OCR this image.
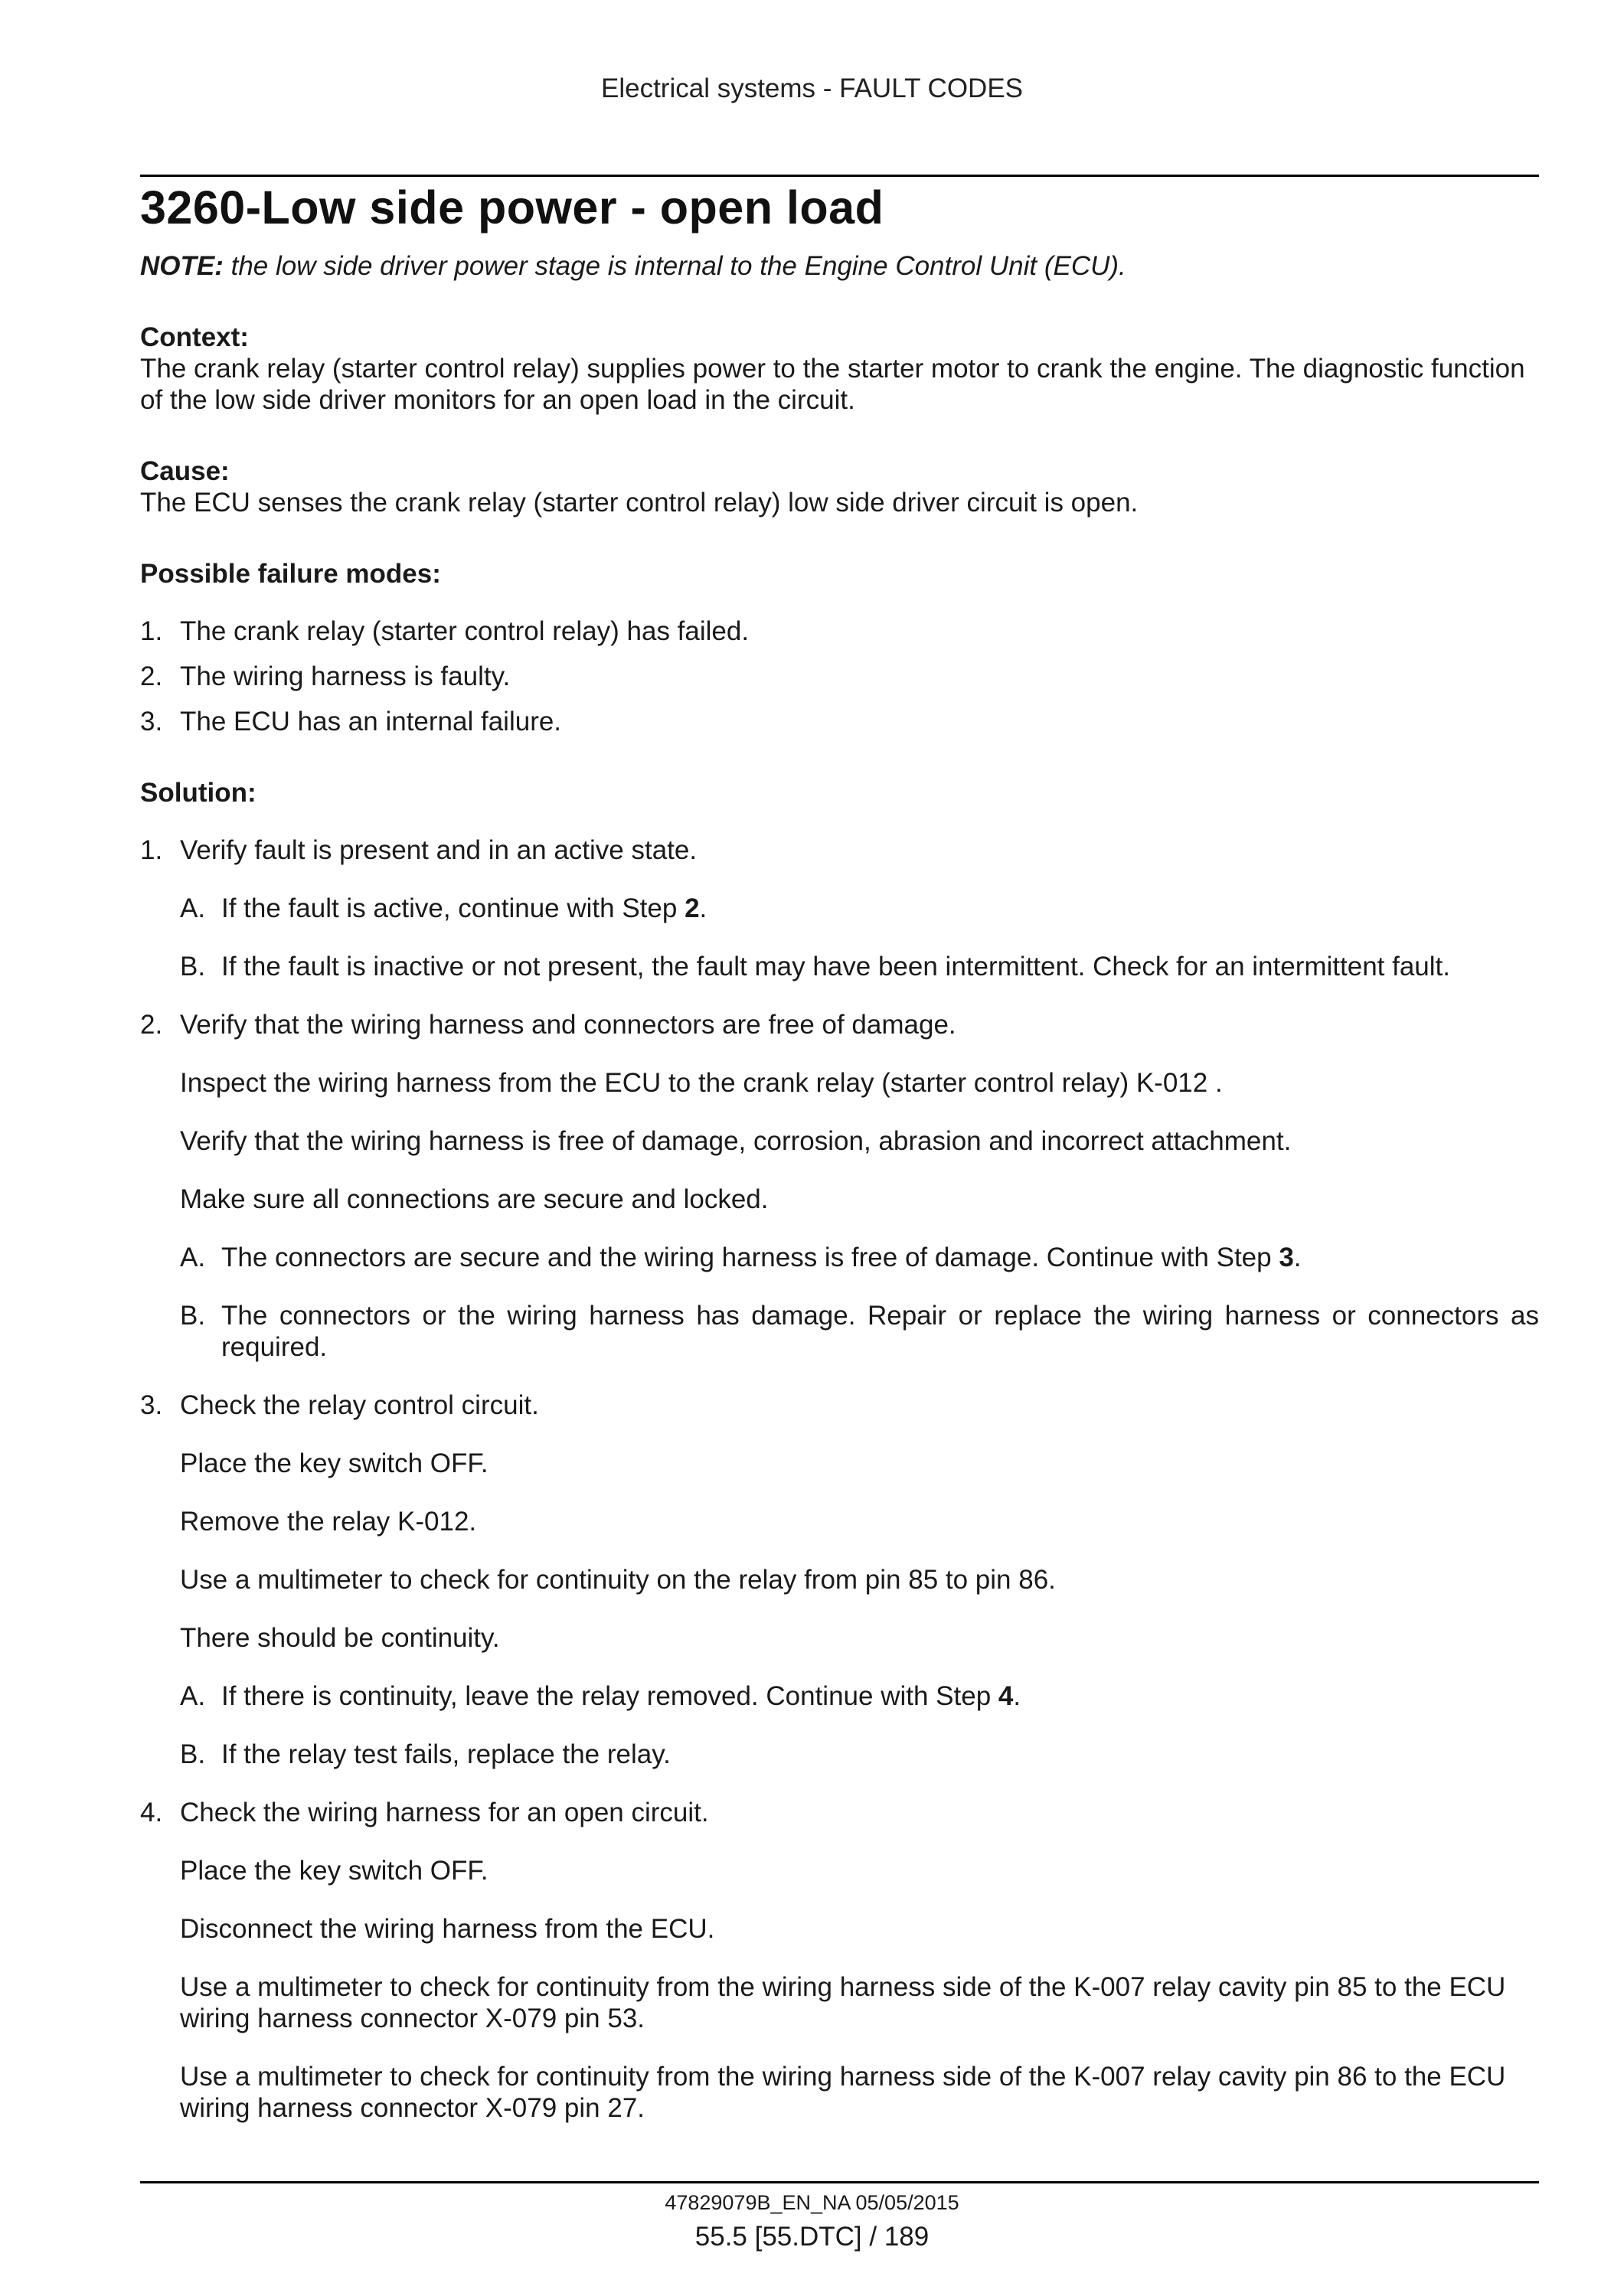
Electrical systems - FAULT CODES
3260-Low side power - open load
NOTE: the low side driver power stage is internal to the Engine Control Unit (ECU).
Context:
The crank relay (starter control relay) supplies power to the starter motor to crank the engine. The diagnostic function of the low side driver monitors for an open load in the circuit.
Cause:
The ECU senses the crank relay (starter control relay) low side driver circuit is open.
Possible failure modes:
1. The crank relay (starter control relay) has failed.
2. The wiring harness is faulty.
3. The ECU has an internal failure.
Solution:
1. Verify fault is present and in an active state.
A. If the fault is active, continue with Step 2.
B. If the fault is inactive or not present, the fault may have been intermittent. Check for an intermittent fault.
2. Verify that the wiring harness and connectors are free of damage.
Inspect the wiring harness from the ECU to the crank relay (starter control relay) K-012 .
Verify that the wiring harness is free of damage, corrosion, abrasion and incorrect attachment.
Make sure all connections are secure and locked.
A. The connectors are secure and the wiring harness is free of damage. Continue with Step 3.
B. The connectors or the wiring harness has damage. Repair or replace the wiring harness or connectors as required.
3. Check the relay control circuit.
Place the key switch OFF.
Remove the relay K-012.
Use a multimeter to check for continuity on the relay from pin 85 to pin 86.
There should be continuity.
A. If there is continuity, leave the relay removed. Continue with Step 4.
B. If the relay test fails, replace the relay.
4. Check the wiring harness for an open circuit.
Place the key switch OFF.
Disconnect the wiring harness from the ECU.
Use a multimeter to check for continuity from the wiring harness side of the K-007 relay cavity pin 85 to the ECU wiring harness connector X-079 pin 53.
Use a multimeter to check for continuity from the wiring harness side of the K-007 relay cavity pin 86 to the ECU wiring harness connector X-079 pin 27.
47829079B_EN_NA 05/05/2015
55.5 [55.DTC] / 189
